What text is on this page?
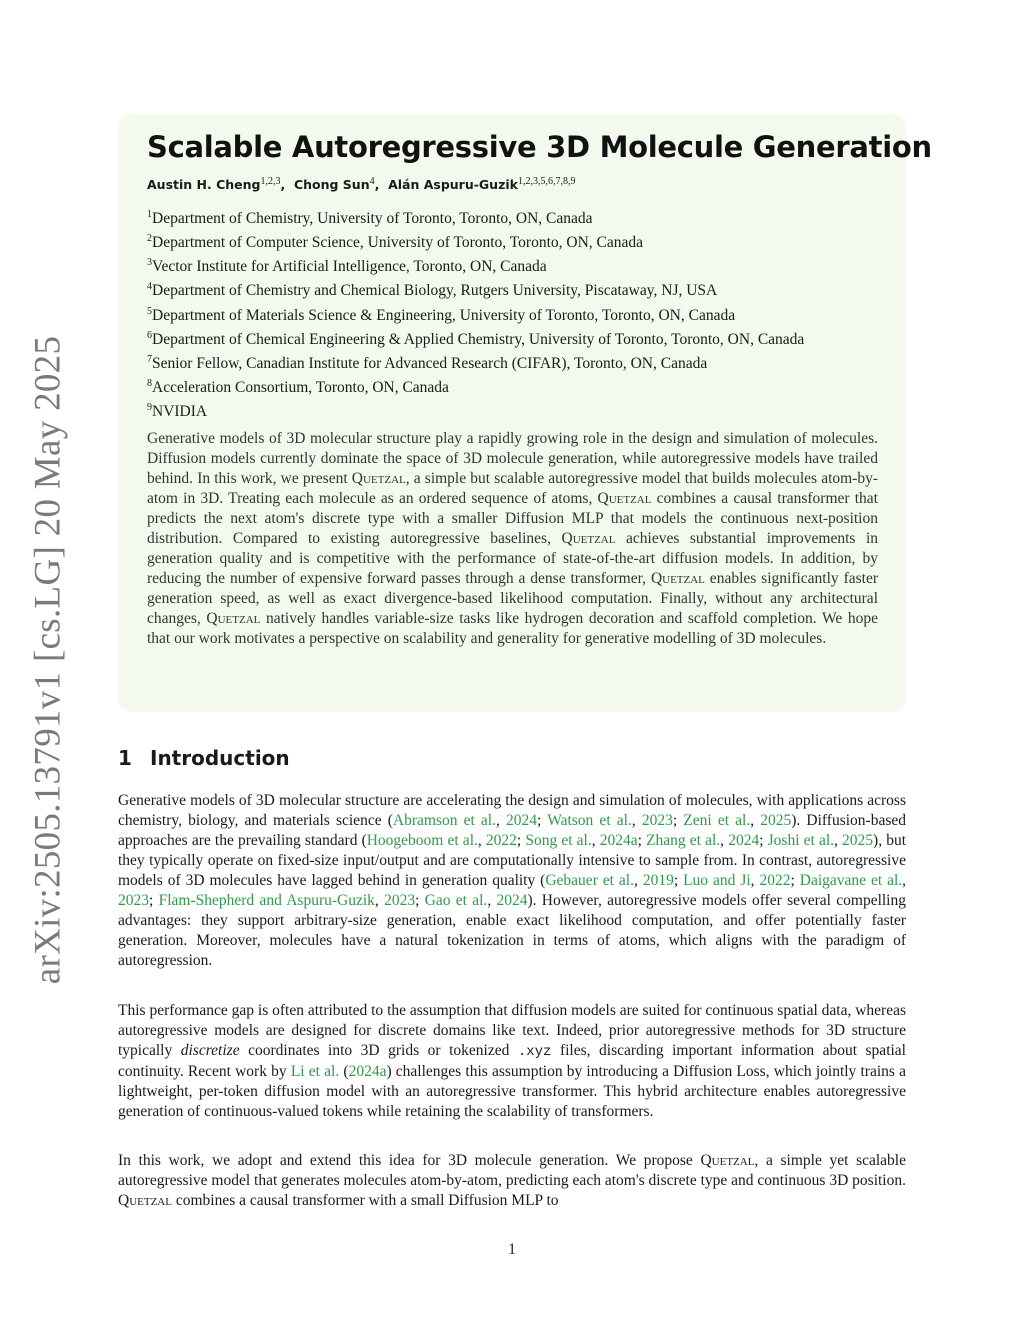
arXiv:2505.13791v1 [cs.LG] 20 May 2025
Scalable Autoregressive 3D Molecule Generation
Austin H. Cheng$^{1,2,3}$,  Chong Sun$^4$,  Alán Aspuru-Guzik$^{1,2,3,5,6,7,8,9}$
$^1$Department of Chemistry, University of Toronto, Toronto, ON, Canada
$^2$Department of Computer Science, University of Toronto, Toronto, ON, Canada
$^3$Vector Institute for Artificial Intelligence, Toronto, ON, Canada
$^4$Department of Chemistry and Chemical Biology, Rutgers University, Piscataway, NJ, USA
$^5$Department of Materials Science & Engineering, University of Toronto, Toronto, ON, Canada
$^6$Department of Chemical Engineering & Applied Chemistry, University of Toronto, Toronto, ON, Canada
$^7$Senior Fellow, Canadian Institute for Advanced Research (CIFAR), Toronto, ON, Canada
$^8$Acceleration Consortium, Toronto, ON, Canada
$^9$NVIDIA
Generative models of 3D molecular structure play a rapidly growing role in the design and simulation of molecules. Diffusion models currently dominate the space of 3D molecule generation, while autoregressive models have trailed behind. In this work, we present Quetzal, a simple but scalable autoregressive model that builds molecules atom-by-atom in 3D. Treating each molecule as an ordered sequence of atoms, Quetzal combines a causal transformer that predicts the next atom's discrete type with a smaller Diffusion MLP that models the continuous next-position distribution. Compared to existing autoregressive baselines, Quetzal achieves substantial improvements in generation quality and is competitive with the performance of state-of-the-art diffusion models. In addition, by reducing the number of expensive forward passes through a dense transformer, Quetzal enables significantly faster generation speed, as well as exact divergence-based likelihood computation. Finally, without any architectural changes, Quetzal natively handles variable-size tasks like hydrogen decoration and scaffold completion. We hope that our work motivates a perspective on scalability and generality for generative modelling of 3D molecules.
1 Introduction

Generative models of 3D molecular structure are accelerating the design and simulation of molecules, with applications across chemistry, biology, and materials science (Abramson et al., 2024; Watson et al., 2023; Zeni et al., 2025). Diffusion-based approaches are the prevailing standard (Hoogeboom et al., 2022; Song et al., 2024a; Zhang et al., 2024; Joshi et al., 2025), but they typically operate on fixed-size input/output and are computationally intensive to sample from. In contrast, autoregressive models of 3D molecules have lagged behind in generation quality (Gebauer et al., 2019; Luo and Ji, 2022; Daigavane et al., 2023; Flam-Shepherd and Aspuru-Guzik, 2023; Gao et al., 2024). However, autoregressive models offer several compelling advantages: they support arbitrary-size generation, enable exact likelihood computation, and offer potentially faster generation. Moreover, molecules have a natural tokenization in terms of atoms, which aligns with the paradigm of autoregression.

This performance gap is often attributed to the assumption that diffusion models are suited for continuous spatial data, whereas autoregressive models are designed for discrete domains like text. Indeed, prior autoregressive methods for 3D structure typically discretize coordinates into 3D grids or tokenized .xyz files, discarding important information about spatial continuity. Recent work by Li et al. (2024a) challenges this assumption by introducing a Diffusion Loss, which jointly trains a lightweight, per-token diffusion model with an autoregressive transformer. This hybrid architecture enables autoregressive generation of continuous-valued tokens while retaining the scalability of transformers.

In this work, we adopt and extend this idea for 3D molecule generation. We propose Quetzal, a simple yet scalable autoregressive model that generates molecules atom-by-atom, predicting each atom's discrete type and continuous 3D position. Quetzal combines a causal transformer with a small Diffusion MLP to

1
